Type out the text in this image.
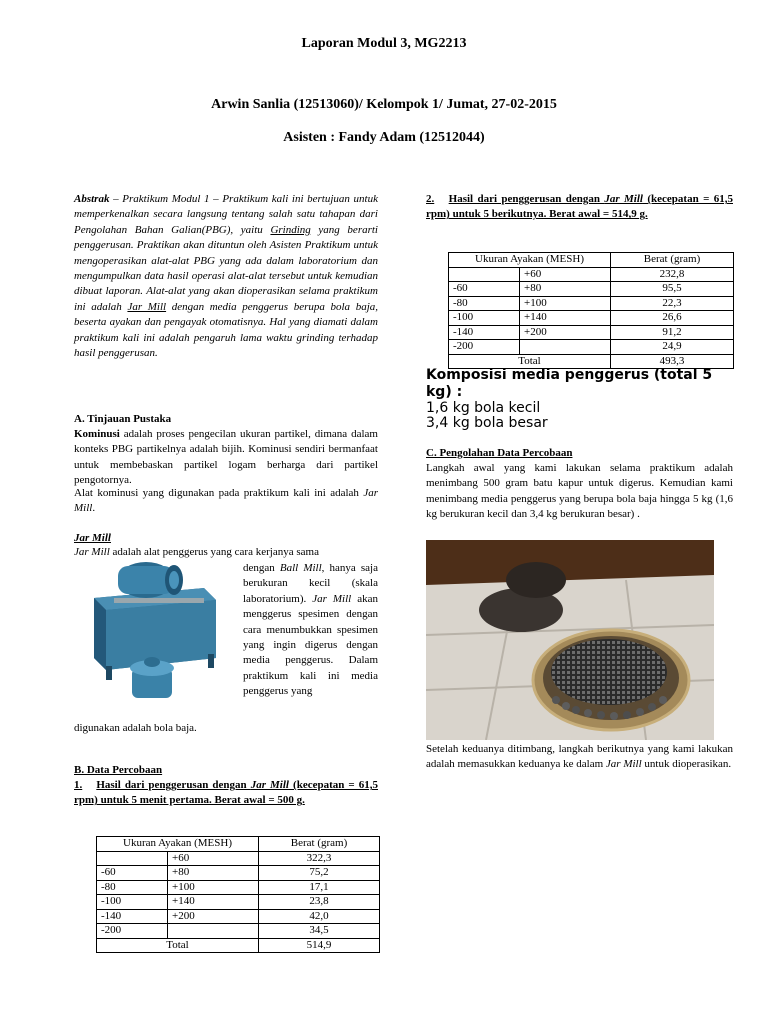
Laporan Modul 3, MG2213
Arwin Sanlia (12513060)/ Kelompok 1/ Jumat, 27-02-2015
Asisten : Fandy Adam (12512044)
Abstrak – Praktikum Modul 1 – Praktikum kali ini bertujuan untuk memperkenalkan secara langsung tentang salah satu tahapan dari Pengolahan Bahan Galian(PBG), yaitu Grinding yang berarti penggerusan. Praktikan akan dituntun oleh Asisten Praktikum untuk mengoperasikan alat-alat PBG yang ada dalam laboratorium dan mengumpulkan data hasil operasi alat-alat tersebut untuk kemudian dibuat laporan. Alat-alat yang akan dioperasikan selama praktikum ini adalah Jar Mill dengan media penggerus berupa bola baja, beserta ayakan dan pengayak otomatisnya. Hal yang diamati dalam praktikum kali ini adalah pengaruh lama waktu grinding terhadap hasil penggerusan.
A. Tinjauan Pustaka
Kominusi adalah proses pengecilan ukuran partikel, dimana dalam konteks PBG partikelnya adalah bijih. Kominusi sendiri bermanfaat untuk membebaskan partikel logam berharga dari partikel pengotornya.
Alat kominusi yang digunakan pada praktikum kali ini adalah Jar Mill.
Jar Mill
Jar Mill adalah alat penggerus yang cara kerjanya sama
dengan Ball Mill, hanya saja berukuran kecil (skala laboratorium). Jar Mill akan menggerus spesimen dengan cara menumbukkan spesimen yang ingin digerus dengan media penggerus. Dalam praktikum kali ini media penggerus yang
digunakan adalah bola baja.
B. Data Percobaan
1. Hasil dari penggerusan dengan Jar Mill (kecepatan = 61,5 rpm) untuk 5 menit pertama. Berat awal = 500 g.
Ukuran Ayakan (MESH)		Berat (gram)
	+60	322,3
-60	+80	75,2
-80	+100	17,1
-100	+140	23,8
-140	+200	42,0
-200		34,5
Total		514,9
2. Hasil dari penggerusan dengan Jar Mill (kecepatan = 61,5 rpm) untuk 5 berikutnya. Berat awal = 514,9 g.
Ukuran Ayakan (MESH)		Berat (gram)
	+60	232,8
-60	+80	95,5
-80	+100	22,3
-100	+140	26,6
-140	+200	91,2
-200		24,9
Total		493,3
Komposisi media penggerus (total 5 kg) :
1,6 kg bola kecil
3,4 kg bola besar
C. Pengolahan Data Percobaan
Langkah awal yang kami lakukan selama praktikum adalah menimbang 500 gram batu kapur untuk digerus. Kemudian kami menimbang media penggerus yang berupa bola baja hingga 5 kg (1,6 kg berukuran kecil dan 3,4 kg berukuran besar) .
Setelah keduanya ditimbang, langkah berikutnya yang kami lakukan adalah memasukkan keduanya ke dalam Jar Mill untuk dioperasikan.
